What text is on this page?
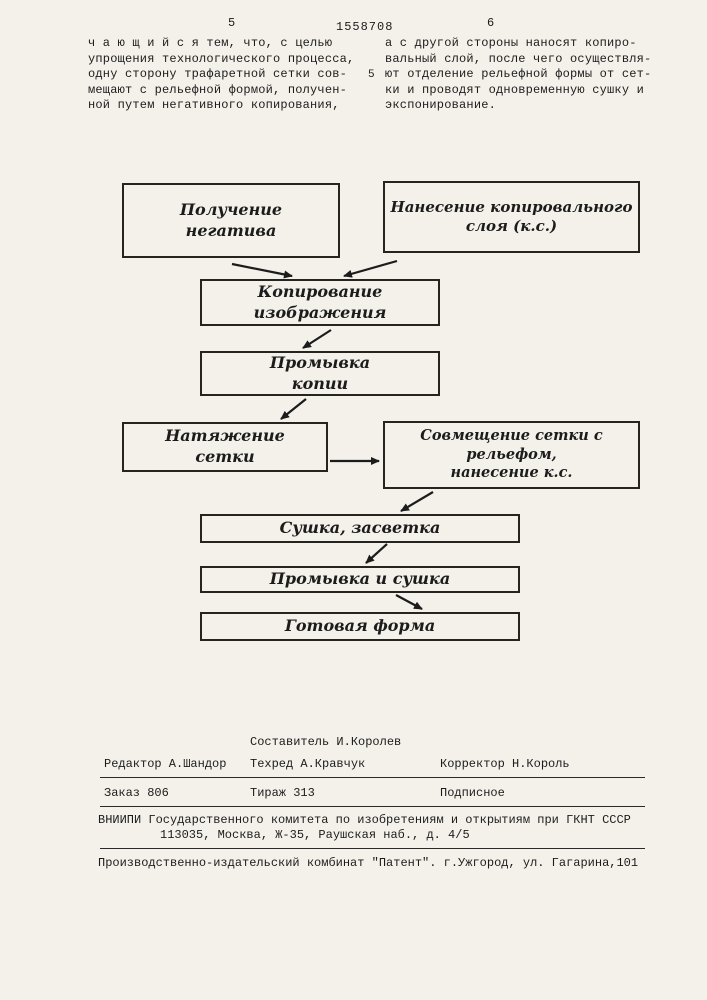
5	1558708	6
ч а ю щ и й с я тем, что, с целью
упрощения технологического процесса,
одну сторону трафаретной сетки сов-
мещают с рельефной формой, получен-
ной путем негативного копирования,
а с другой стороны наносят копиро-
вальный слой, после чего осуществля-
ют отделение рельефной формы от сет-
ки и проводят одновременную сушку и
экспонирование.
5
Получение
негатива
Нанесение копировального
слоя (к.с.)
Копирование
изображения
Промывка
копии
Натяжение
сетки
Совмещение сетки с рельефом,
нанесение к.с.
Сушка, засветка
Промывка и сушка
Готовая форма
Составитель И.Королев
Редактор А.Шандор Техред А.Кравчук	Корректор Н.Король
Заказ 806	Тираж 313	Подписное
ВНИИПИ Государственного комитета по изобретениям и открытиям при ГКНТ СССР
113035, Москва, Ж-35, Раушская наб., д. 4/5
Производственно-издательский комбинат "Патент". г.Ужгород, ул. Гагарина,101
